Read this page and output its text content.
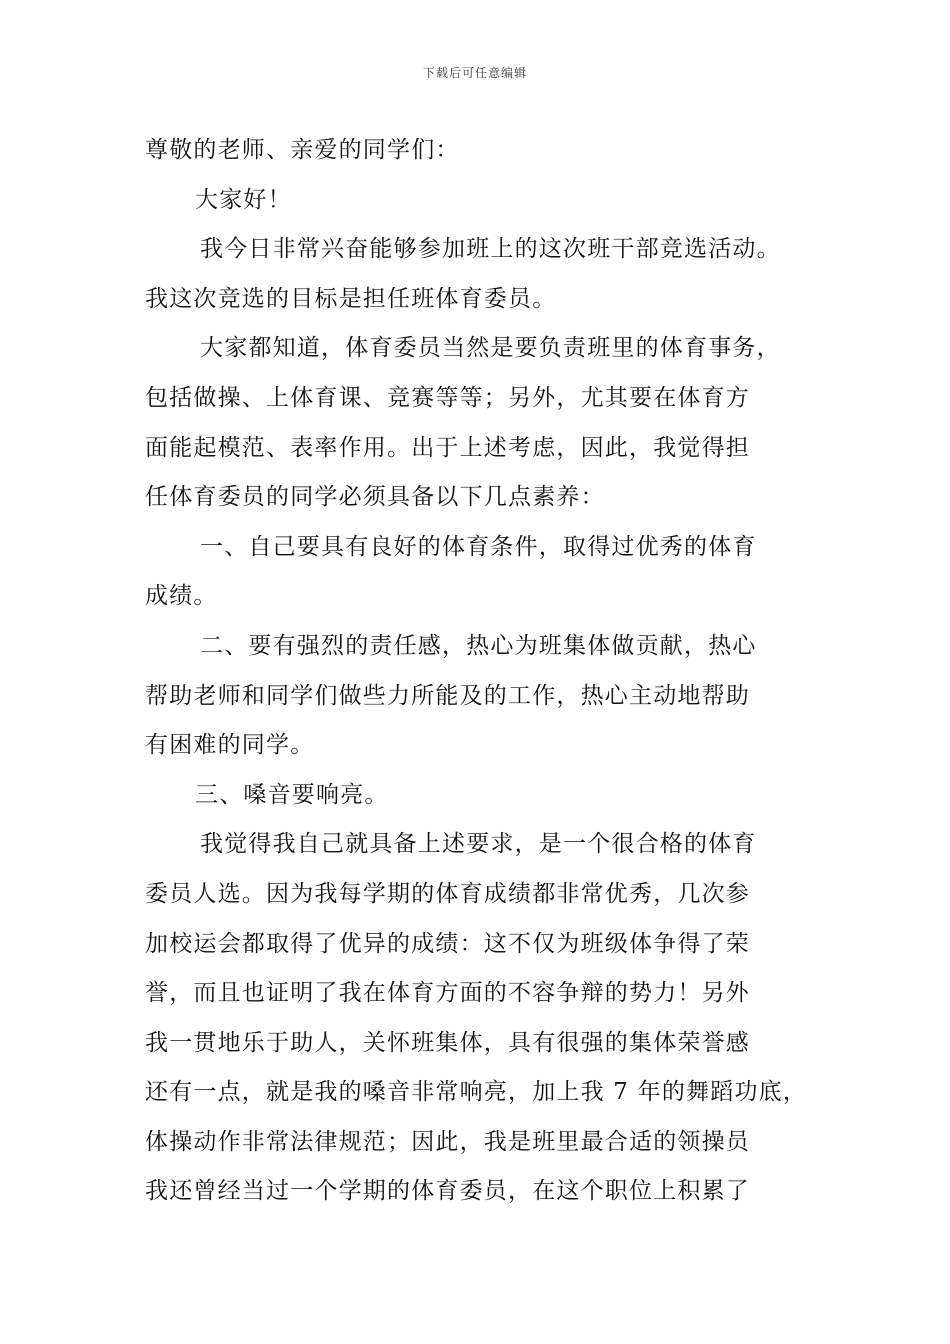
下载后可任意编辑
尊敬的老师、亲爱的同学们：
大家好！
我今日非常兴奋能够参加班上的这次班干部竞选活动。
我这次竞选的目标是担任班体育委员。
大家都知道，体育委员当然是要负责班里的体育事务，
包括做操、上体育课、竞赛等等；另外，尤其要在体育方
面能起模范、表率作用。出于上述考虑，因此，我觉得担
任体育委员的同学必须具备以下几点素养：
一、自己要具有良好的体育条件，取得过优秀的体育
成绩。
二、要有强烈的责任感，热心为班集体做贡献，热心
帮助老师和同学们做些力所能及的工作，热心主动地帮助
有困难的同学。
三、嗓音要响亮。
我觉得我自己就具备上述要求，是一个很合格的体育
委员人选。因为我每学期的体育成绩都非常优秀，几次参
加校运会都取得了优异的成绩：这不仅为班级体争得了荣
誉，而且也证明了我在体育方面的不容争辩的势力！另外
我一贯地乐于助人，关怀班集体，具有很强的集体荣誉感
还有一点，就是我的嗓音非常响亮，加上我 7 年的舞蹈功底，
体操动作非常法律规范；因此，我是班里最合适的领操员
我还曾经当过一个学期的体育委员，在这个职位上积累了
